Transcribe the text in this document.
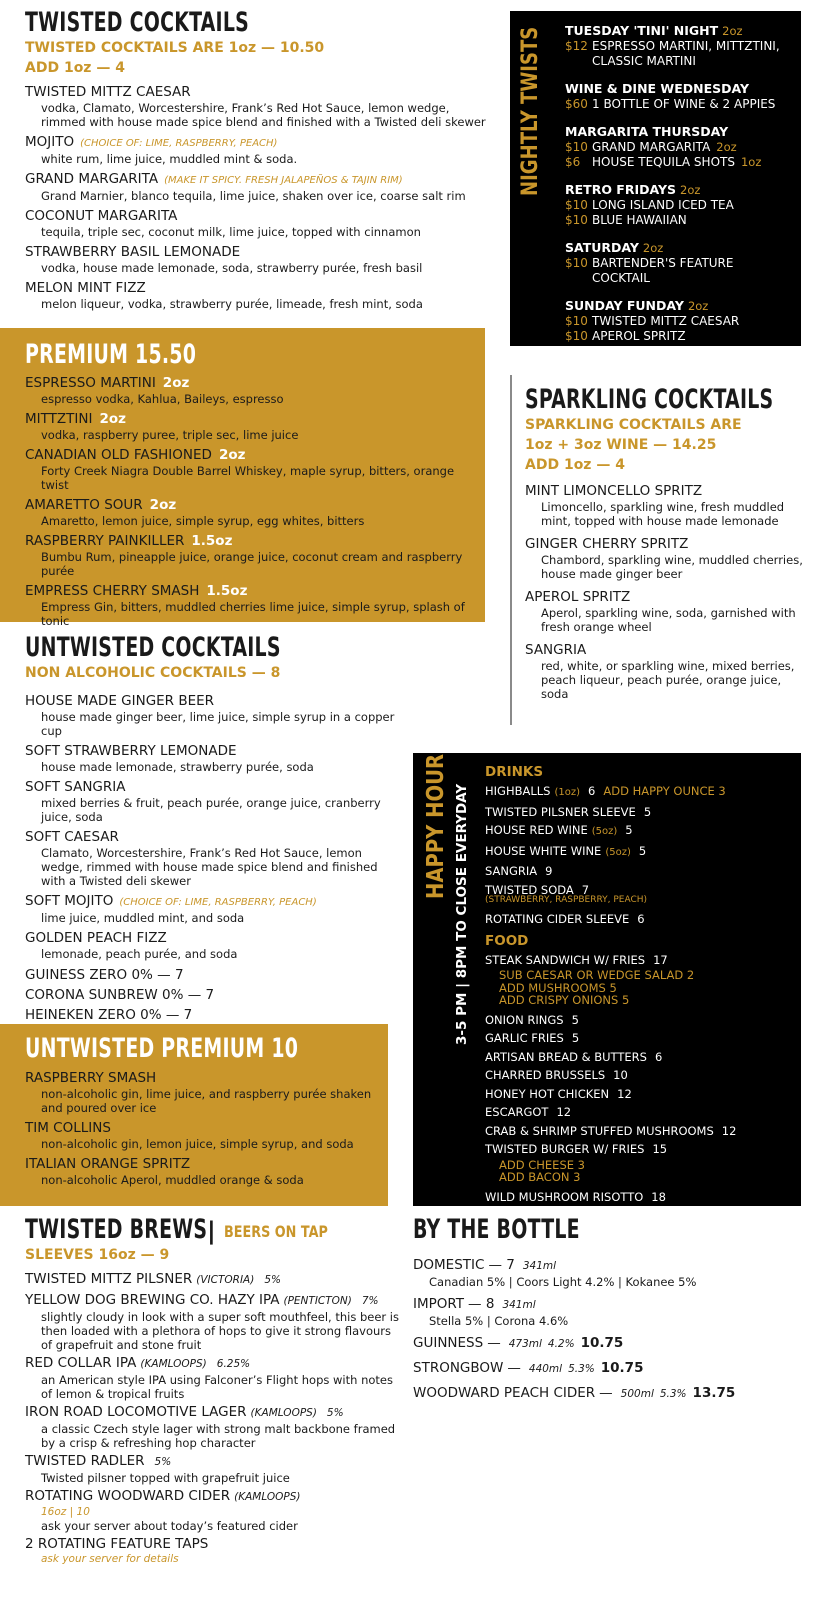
TWISTED COCKTAILS
TWISTED COCKTAILS ARE 1oz — 10.50
ADD 1oz — 4
TWISTED MITTZ CAESAR
vodka, Clamato, Worcestershire, Frank’s Red Hot Sauce, lemon wedge, rimmed with house made spice blend and finished with a Twisted deli skewer
MOJITO (CHOICE OF: LIME, RASPBERRY, PEACH)
white rum, lime juice, muddled mint & soda.
GRAND MARGARITA (MAKE IT SPICY. FRESH JALAPEÑOS & TAJIN RIM)
Grand Marnier, blanco tequila, lime juice, shaken over ice, coarse salt rim
COCONUT MARGARITA
tequila, triple sec, coconut milk, lime juice, topped with cinnamon
STRAWBERRY BASIL LEMONADE
vodka, house made lemonade, soda, strawberry purée, fresh basil
MELON MINT FIZZ
melon liqueur, vodka, strawberry purée, limeade, fresh mint, soda
PREMIUM 15.50
ESPRESSO MARTINI 2oz
espresso vodka, Kahlua, Baileys, espresso
MITTZTINI 2oz
vodka, raspberry puree, triple sec, lime juice
CANADIAN OLD FASHIONED 2oz
Forty Creek Niagra Double Barrel Whiskey, maple syrup, bitters, orange twist
AMARETTO SOUR 2oz
Amaretto, lemon juice, simple syrup, egg whites, bitters
RASPBERRY PAINKILLER 1.5oz
Bumbu Rum, pineapple juice, orange juice, coconut cream and raspberry purée
EMPRESS CHERRY SMASH 1.5oz
Empress Gin, bitters, muddled cherries lime juice, simple syrup, splash of tonic
UNTWISTED COCKTAILS
NON ALCOHOLIC COCKTAILS — 8
HOUSE MADE GINGER BEER
house made ginger beer, lime juice, simple syrup in a copper cup
SOFT STRAWBERRY LEMONADE
house made lemonade, strawberry purée, soda
SOFT SANGRIA
mixed berries & fruit, peach purée, orange juice, cranberry juice, soda
SOFT CAESAR
Clamato, Worcestershire, Frank’s Red Hot Sauce, lemon wedge, rimmed with house made spice blend and finished with a Twisted deli skewer
SOFT MOJITO (CHOICE OF: LIME, RASPBERRY, PEACH)
lime juice, muddled mint, and soda
GOLDEN PEACH FIZZ
lemonade, peach purée, and soda
GUINESS ZERO 0% — 7
CORONA SUNBREW 0% — 7
HEINEKEN ZERO 0% — 7
UNTWISTED PREMIUM 10
RASPBERRY SMASH
non-alcoholic gin, lime juice, and raspberry purée shaken and poured over ice
TIM COLLINS
non-alcoholic gin, lemon juice, simple syrup, and soda
ITALIAN ORANGE SPRITZ
non-alcoholic Aperol, muddled orange & soda
TWISTED BREWS | BEERS ON TAP
SLEEVES 16oz — 9
TWISTED MITTZ PILSNER (VICTORIA) 5%
YELLOW DOG BREWING CO. HAZY IPA (PENTICTON) 7%
slightly cloudy in look with a super soft mouthfeel, this beer is then loaded with a plethora of hops to give it strong flavours of grapefruit and stone fruit
RED COLLAR IPA (KAMLOOPS) 6.25%
an American style IPA using Falconer’s Flight hops with notes of lemon & tropical fruits
IRON ROAD LOCOMOTIVE LAGER (KAMLOOPS) 5%
a classic Czech style lager with strong malt backbone framed by a crisp & refreshing hop character
TWISTED RADLER 5%
Twisted pilsner topped with grapefruit juice
ROTATING WOODWARD CIDER (KAMLOOPS)
16oz | 10
ask your server about today’s featured cider
2 ROTATING FEATURE TAPS
ask your server for details
NIGHTLY TWISTS TUESDAY 'TINI' NIGHT 2oz
$12 ESPRESSO MARTINI, MITTZTINI, CLASSIC MARTINI
WINE & DINE WEDNESDAY
$60 1 BOTTLE OF WINE & 2 APPIES
MARGARITA THURSDAY
$10 GRAND MARGARITA 2oz
$6 HOUSE TEQUILA SHOTS 1oz
RETRO FRIDAYS 2oz
$10 LONG ISLAND ICED TEA
$10 BLUE HAWAIIAN
SATURDAY 2oz
$10 BARTENDER'S FEATURE COCKTAIL
SUNDAY FUNDAY 2oz
$10 TWISTED MITTZ CAESAR
$10 APEROL SPRITZ
SPARKLING COCKTAILS
SPARKLING COCKTAILS ARE
1oz + 3oz WINE — 14.25
ADD 1oz — 4
MINT LIMONCELLO SPRITZ
Limoncello, sparkling wine, fresh muddled mint, topped with house made lemonade
GINGER CHERRY SPRITZ
Chambord, sparkling wine, muddled cherries, house made ginger beer
APEROL SPRITZ
Aperol, sparkling wine, soda, garnished with fresh orange wheel
SANGRIA
red, white, or sparkling wine, mixed berries, peach liqueur, peach purée, orange juice, soda
HAPPY HOUR 3-5 PM | 8PM TO CLOSE EVERYDAY
DRINKS
HIGHBALLS (1oz) 6 ADD HAPPY OUNCE 3
TWISTED PILSNER SLEEVE 5
HOUSE RED WINE (5oz) 5
HOUSE WHITE WINE (5oz) 5
SANGRIA 9
TWISTED SODA 7
(STRAWBERRY, RASPBERRY, PEACH)
ROTATING CIDER SLEEVE 6
FOOD
STEAK SANDWICH W/ FRIES 17
SUB CAESAR OR WEDGE SALAD 2
ADD MUSHROOMS 5
ADD CRISPY ONIONS 5
ONION RINGS 5
GARLIC FRIES 5
ARTISAN BREAD & BUTTERS 6
CHARRED BRUSSELS 10
HONEY HOT CHICKEN 12
ESCARGOT 12
CRAB & SHRIMP STUFFED MUSHROOMS 12
TWISTED BURGER W/ FRIES 15
ADD CHEESE 3
ADD BACON 3
WILD MUSHROOM RISOTTO 18
BY THE BOTTLE
DOMESTIC — 7 341ml
Canadian 5% | Coors Light 4.2% | Kokanee 5%
IMPORT — 8 341ml
Stella 5% | Corona 4.6%
GUINNESS — 473ml 4.2% 10.75
STRONGBOW — 440ml 5.3% 10.75
WOODWARD PEACH CIDER — 500ml 5.3% 13.75
